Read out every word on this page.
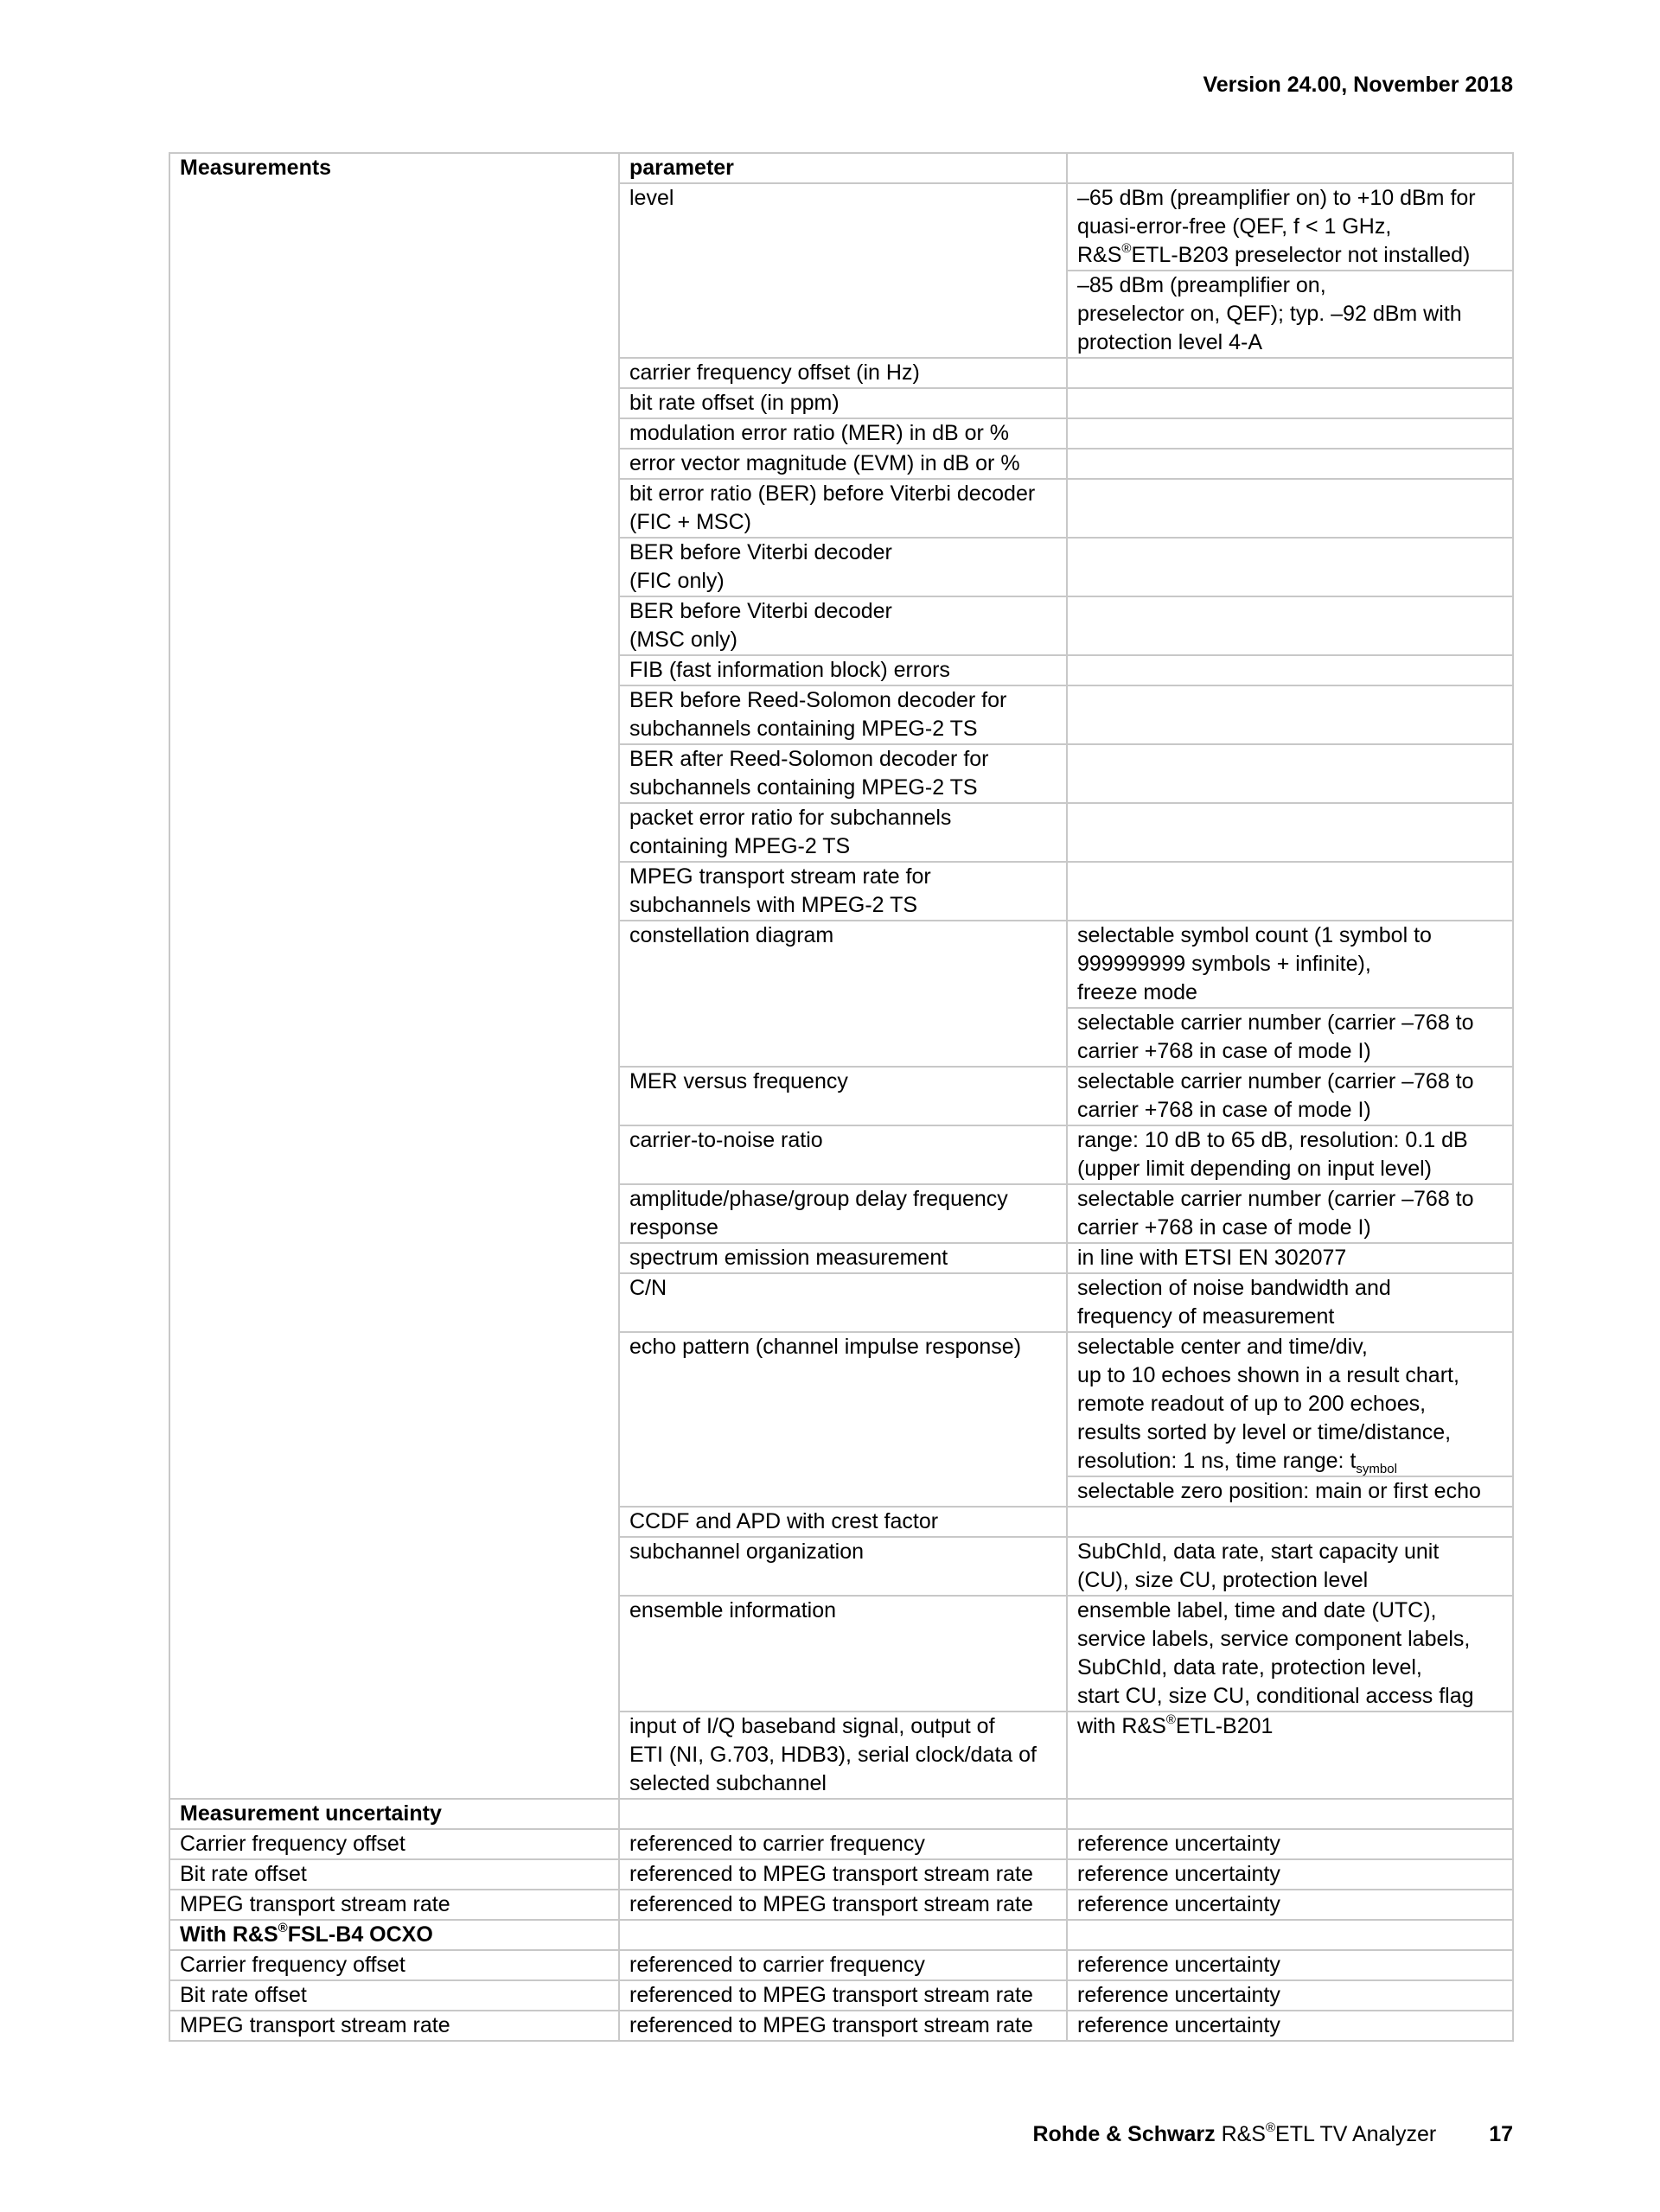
Version 24.00, November 2018
Measurements	parameter	
	level	–65 dBm (preamplifier on) to +10 dBm for
quasi-error-free (QEF, f < 1 GHz,
R&S®ETL-B203 preselector not installed)
		–85 dBm (preamplifier on,
preselector on, QEF); typ. –92 dBm with
protection level 4-A
	carrier frequency offset (in Hz)	
	bit rate offset (in ppm)	
	modulation error ratio (MER) in dB or %	
	error vector magnitude (EVM) in dB or %	
	bit error ratio (BER) before Viterbi decoder
(FIC + MSC)	
	BER before Viterbi decoder
(FIC only)	
	BER before Viterbi decoder
(MSC only)	
	FIB (fast information block) errors	
	BER before Reed-Solomon decoder for
subchannels containing MPEG-2 TS	
	BER after Reed-Solomon decoder for
subchannels containing MPEG-2 TS	
	packet error ratio for subchannels
containing MPEG-2 TS	
	MPEG transport stream rate for
subchannels with MPEG-2 TS	
	constellation diagram	selectable symbol count (1 symbol to
999999999 symbols + infinite),
freeze mode
		selectable carrier number (carrier –768 to
carrier +768 in case of mode I)
	MER versus frequency	selectable carrier number (carrier –768 to
carrier +768 in case of mode I)
	carrier-to-noise ratio	range: 10 dB to 65 dB, resolution: 0.1 dB
(upper limit depending on input level)
	amplitude/phase/group delay frequency
response	selectable carrier number (carrier –768 to
carrier +768 in case of mode I)
	spectrum emission measurement	in line with ETSI EN 302077
	C/N	selection of noise bandwidth and
frequency of measurement
	echo pattern (channel impulse response)	selectable center and time/div,
up to 10 echoes shown in a result chart,
remote readout of up to 200 echoes,
results sorted by level or time/distance,
resolution: 1 ns, time range: $t_{symbol}$
		selectable zero position: main or first echo
	CCDF and APD with crest factor	
	subchannel organization	SubChId, data rate, start capacity unit
(CU), size CU, protection level
	ensemble information	ensemble label, time and date (UTC),
service labels, service component labels,
SubChId, data rate, protection level,
start CU, size CU, conditional access flag
	input of I/Q baseband signal, output of
ETI (NI, G.703, HDB3), serial clock/data of
selected subchannel	with R&S®ETL-B201
Measurement uncertainty		
Carrier frequency offset	referenced to carrier frequency	reference uncertainty
Bit rate offset	referenced to MPEG transport stream rate	reference uncertainty
MPEG transport stream rate	referenced to MPEG transport stream rate	reference uncertainty
With R&S®FSL-B4 OCXO		
Carrier frequency offset	referenced to carrier frequency	reference uncertainty
Bit rate offset	referenced to MPEG transport stream rate	reference uncertainty
MPEG transport stream rate	referenced to MPEG transport stream rate	reference uncertainty
Rohde & Schwarz R&S®ETL TV Analyzer 17
